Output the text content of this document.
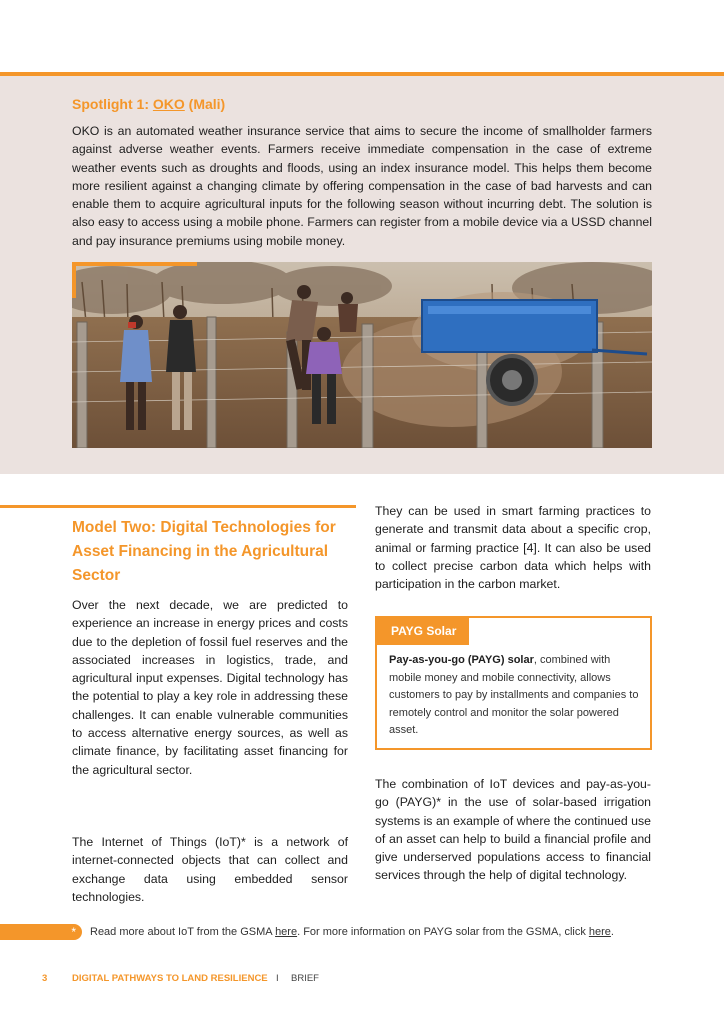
Spotlight 1: OKO (Mali)

OKO is an automated weather insurance service that aims to secure the income of smallholder farmers against adverse weather events. Farmers receive immediate compensation in the case of extreme weather events such as droughts and floods, using an index insurance model. This helps them become more resilient against a changing climate by offering compensation in the case of bad harvests and can enable them to acquire agricultural inputs for the following season without incurring debt. The solution is also easy to access using a mobile phone. Farmers can register from a mobile device via a USSD channel and pay insurance premiums using mobile money.

Model Two: Digital Technologies for Asset Financing in the Agricultural Sector

Over the next decade, we are predicted to experience an increase in energy prices and costs due to the depletion of fossil fuel reserves and the associated increases in logistics, trade, and agricultural input expenses. Digital technology has the potential to play a key role in addressing these challenges. It can enable vulnerable communities to access alternative energy sources, as well as climate finance, by facilitating asset financing for the agricultural sector.

The Internet of Things (IoT)* is a network of internet-connected objects that can collect and exchange data using embedded sensor technologies.

They can be used in smart farming practices to generate and transmit data about a specific crop, animal or farming practice [4]. It can also be used to collect precise carbon data which helps with participation in the carbon market.

PAYG Solar

Pay-as-you-go (PAYG) solar, combined with mobile money and mobile connectivity, allows customers to pay by installments and companies to remotely control and monitor the solar powered asset.

The combination of IoT devices and pay-as-you-go (PAYG)* in the use of solar-based irrigation systems is an example of where the continued use of an asset can help to build a financial profile and give underserved populations access to financial services through the help of digital technology.

*	Read more about IoT from the GSMA here. For more information on PAYG solar from the GSMA, click here.

3	DIGITAL PATHWAYS TO LAND RESILIENCE I BRIEF
